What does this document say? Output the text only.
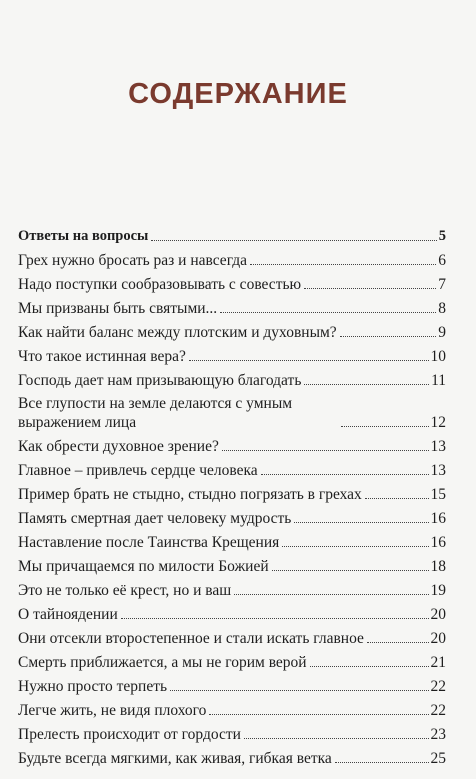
СОДЕРЖАНИЕ
Ответы на вопросы	5
Грех нужно бросать раз и навсегда	6
Надо поступки сообразовывать с совестью	7
Мы призваны быть святыми...	8
Как найти баланс между плотским и духовным?	9
Что такое истинная вера?	10
Господь дает нам призывающую благодать	11
Все глупости на земле делаются с умным выражением лица	12
Как обрести духовное зрение?	13
Главное – привлечь сердце человека	13
Пример брать не стыдно, стыдно погрязать в грехах	15
Память смертная дает человеку мудрость	16
Наставление после Таинства Крещения	16
Мы причащаемся по милости Божией	18
Это не только её крест, но и ваш	19
О тайноядении	20
Они отсекли второстепенное и стали искать главное	20
Смерть приближается, а мы не горим верой	21
Нужно просто терпеть	22
Легче жить, не видя плохого	22
Прелесть происходит от гордости	23
Будьте всегда мягкими, как живая, гибкая ветка	25
